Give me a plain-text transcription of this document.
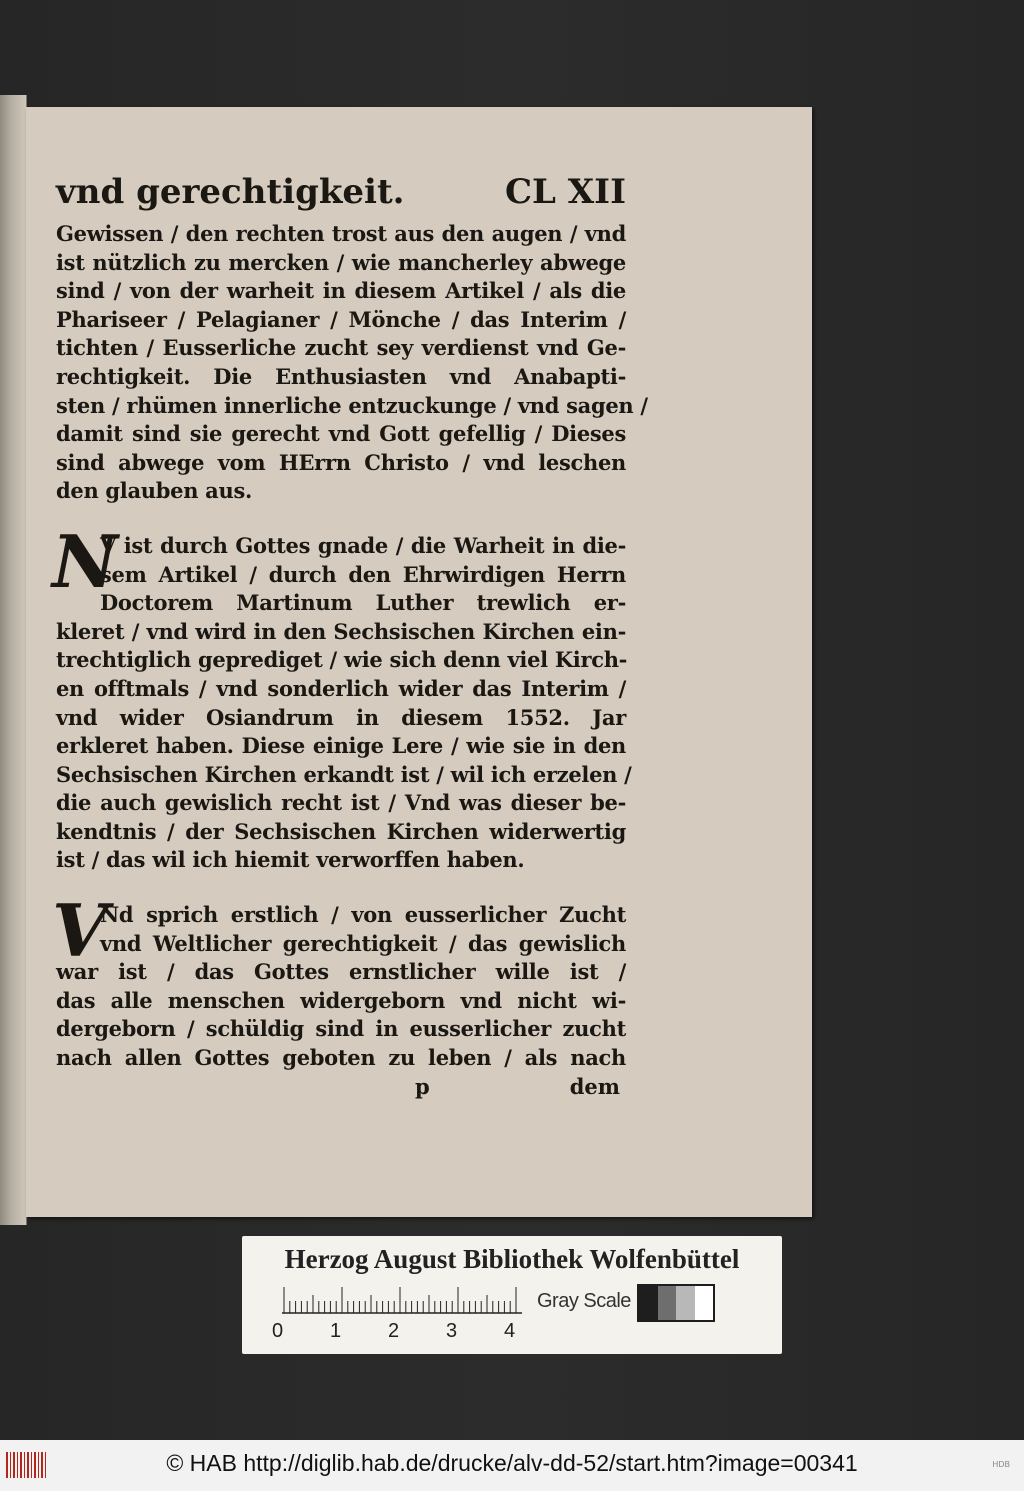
vnd gerechtigkeit.	CL XII
Gewissen / den rechten trost aus den augen / vnd
ist nützlich zu mercken / wie mancherley abwege
sind / von der warheit in diesem Artikel / als die
Phariseer / Pelagianer / Mönche / das Interim /
tichten / Eusserliche zucht sey verdienst vnd Ge-
rechtigkeit. Die Enthusiasten vnd Anabapti-
sten / rhümen innerliche entzuckunge / vnd sagen /
damit sind sie gerecht vnd Gott gefellig / Dieses
sind abwege vom HErrn Christo / vnd leschen
den glauben aus.
N
V ist durch Gottes gnade / die Warheit in die-
sem Artikel / durch den Ehrwirdigen Herrn
Doctorem Martinum Luther trewlich er-
kleret / vnd wird in den Sechsischen Kirchen ein-
trechtiglich geprediget / wie sich denn viel Kirch-
en offtmals / vnd sonderlich wider das Interim /
vnd wider Osiandrum in diesem 1552. Jar
erkleret haben. Diese einige Lere / wie sie in den
Sechsischen Kirchen erkandt ist / wil ich erzelen /
die auch gewislich recht ist / Vnd was dieser be-
kendtnis / der Sechsischen Kirchen widerwertig
ist / das wil ich hiemit verworffen haben.
V
Nd sprich erstlich / von eusserlicher Zucht
vnd Weltlicher gerechtigkeit / das gewislich
war ist / das Gottes ernstlicher wille ist /
das alle menschen widergeborn vnd nicht wi-
dergeborn / schüldig sind in eusserlicher zucht
nach allen Gottes geboten zu leben / als nach
p	dem
Herzog August Bibliothek Wolfenbüttel
0 1 2 3 4
Gray Scale
© HAB http://diglib.hab.de/drucke/alv-dd-52/start.htm?image=00341	HDB
